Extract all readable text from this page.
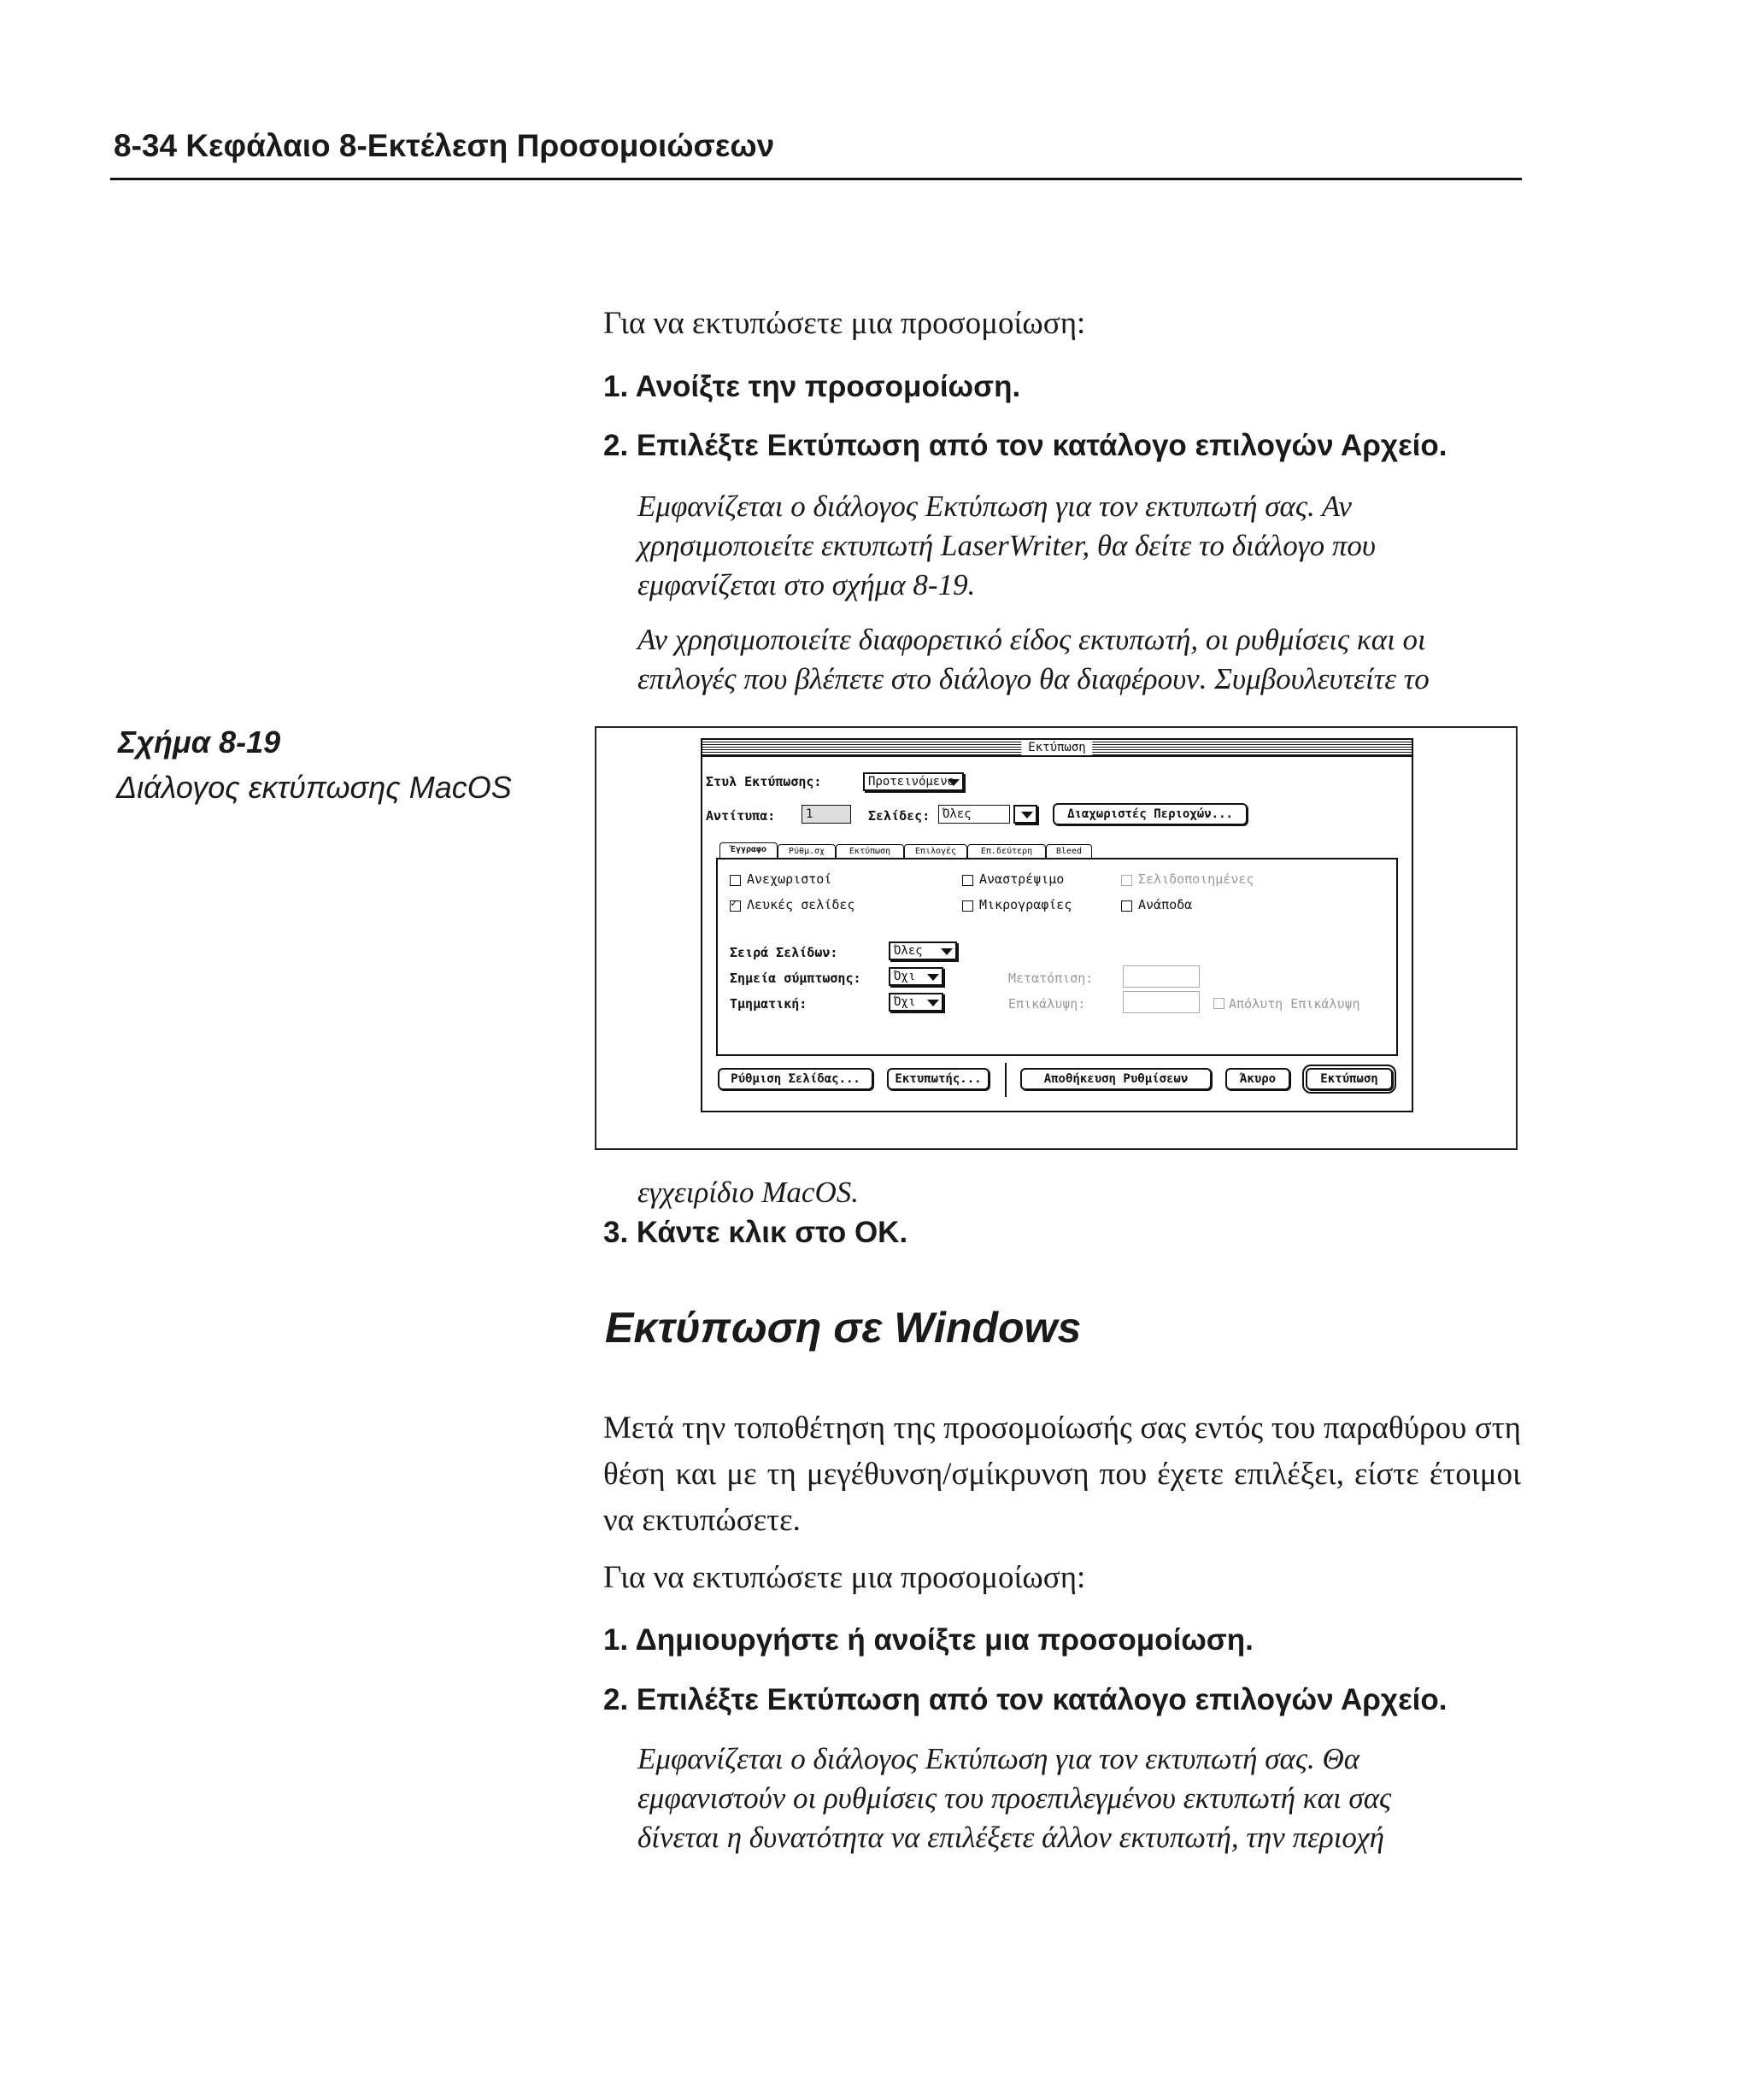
8-34 Κεφάλαιο 8-Εκτέλεση Προσομοιώσεων
Για να εκτυπώσετε μια προσομοίωση:
1. Ανοίξτε την προσομοίωση.
2. Επιλέξτε Εκτύπωση από τον κατάλογο επιλογών Αρχείο.
Εμφανίζεται ο διάλογος Εκτύπωση για τον εκτυπωτή σας. Αν
χρησιμοποιείτε εκτυπωτή LaserWriter, θα δείτε το διάλογο που
εμφανίζεται στο σχήμα 8-19.
Αν χρησιμοποιείτε διαφορετικό είδος εκτυπωτή, οι ρυθμίσεις και οι
επιλογές που βλέπετε στο διάλογο θα διαφέρουν. Συμβουλευτείτε το
Σχήμα 8-19
Διάλογος εκτύπωσης MacOS
Εκτύπωση
Στυλ Εκτύπωσης:	Προτεινόμενο
Αντίτυπα:	1	Σελίδες:	Όλες	Διαχωριστές Περιοχών...
Έγγραφο	Ρύθμ.σχ	Εκτύπωση	Επιλογές	Επ.δεύτερη	Bleed
Ανεχωριστοί	Αναστρέψιμο	Σελιδοποιημένες
✓
Λευκές σελίδες	Μικρογραφίες	Ανάποδα
Σειρά Σελίδων:	Όλες
Σημεία σύμπτωσης:	Όχι
Τμηματική:	Όχι
Μετατόπιση:
Επικάλυψη:	Απόλυτη Επικάλυψη
Ρύθμιση Σελίδας...	Εκτυπωτής...	Αποθήκευση Ρυθμίσεων	Άκυρο	Εκτύπωση
εγχειρίδιο MacOS.
3. Κάντε κλικ στο OK.
Εκτύπωση σε Windows
Μετά την τοποθέτηση της προσομοίωσής σας εντός του παραθύρου στη θέση και με τη μεγέθυνση/σμίκρυνση που έχετε επιλέξει, είστε έτοιμοι να εκτυπώσετε.
Για να εκτυπώσετε μια προσομοίωση:
1. Δημιουργήστε ή ανοίξτε μια προσομοίωση.
2. Επιλέξτε Εκτύπωση από τον κατάλογο επιλογών Αρχείο.
Εμφανίζεται ο διάλογος Εκτύπωση για τον εκτυπωτή σας. Θα
εμφανιστούν οι ρυθμίσεις του προεπιλεγμένου εκτυπωτή και σας
δίνεται η δυνατότητα να επιλέξετε άλλον εκτυπωτή, την περιοχή
